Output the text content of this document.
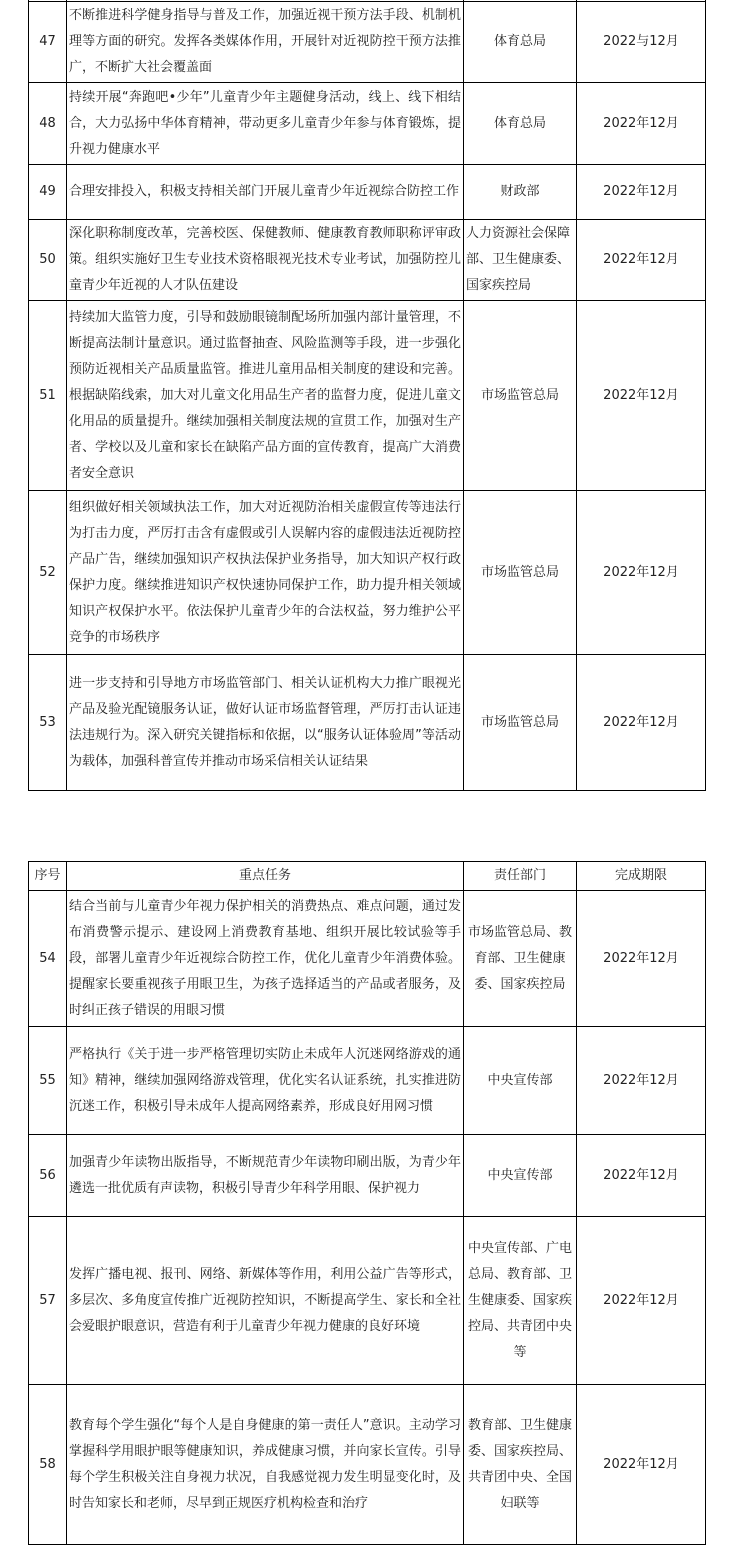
47	不断推进科学健身指导与普及工作，加强近视干预方法手段、机制机理等方面的研究。发挥各类媒体作用，开展针对近视防控干预方法推广，不断扩大社会覆盖面	体育总局	2022与12月
48	持续开展“奔跑吧•少年”儿童青少年主题健身活动，线上、线下相结合，大力弘扬中华体育精神，带动更多儿童青少年参与体育锻炼，提升视力健康水平	体育总局	2022年12月
49	合理安排投入，积极支持相关部门开展儿童青少年近视综合防控工作	财政部	2022年12月
50	深化职称制度改革，完善校医、保健教师、健康教育教师职称评审政策。组织实施好卫生专业技术资格眼视光技术专业考试，加强防控儿童青少年近视的人才队伍建设	人力资源社会保障部、卫生健康委、国家疾控局	2022年12月
51	持续加大监管力度，引导和鼓励眼镜制配场所加强内部计量管理，不断提高法制计量意识。通过监督抽查、风险监测等手段，进一步强化预防近视相关产品质量监管。推进儿童用品相关制度的建设和完善。根据缺陷线索，加大对儿童文化用品生产者的监督力度，促进儿童文化用品的质量提升。继续加强相关制度法规的宣贯工作，加强对生产者、学校以及儿童和家长在缺陷产品方面的宣传教育，提高广大消费者安全意识	市场监管总局	2022年12月
52	组织做好相关领域执法工作，加大对近视防治相关虚假宣传等违法行为打击力度，严厉打击含有虚假或引人误解内容的虚假违法近视防控产品广告，继续加强知识产权执法保护业务指导，加大知识产权行政保护力度。继续推进知识产权快速协同保护工作，助力提升相关领域知识产权保护水平。依法保护儿童青少年的合法权益，努力维护公平竞争的市场秩序	市场监管总局	2022年12月
53	进一步支持和引导地方市场监管部门、相关认证机构大力推广眼视光产品及验光配镜服务认证，做好认证市场监督管理，严厉打击认证违法违规行为。深入研究关键指标和依据，以“服务认证体验周”等活动为载体，加强科普宣传并推动市场采信相关认证结果	市场监管总局	2022年12月
序号	重点任务	责任部门	完成期限
54	结合当前与儿童青少年视力保护相关的消费热点、难点问题，通过发布消费警示提示、建设网上消费教育基地、组织开展比较试验等手段，部署儿童青少年近视综合防控工作，优化儿童青少年消费体验。提醒家长要重视孩子用眼卫生，为孩子选择适当的产品或者服务，及时纠正孩子错误的用眼习惯	市场监管总局、教育部、卫生健康委、国家疾控局	2022年12月
55	严格执行《关于进一步严格管理切实防止未成年人沉迷网络游戏的通知》精神，继续加强网络游戏管理，优化实名认证系统，扎实推进防沉迷工作，积极引导未成年人提高网络素养，形成良好用网习惯	中央宣传部	2022年12月
56	加强青少年读物出版指导，不断规范青少年读物印刷出版，为青少年遴选一批优质有声读物，积极引导青少年科学用眼、保护视力	中央宣传部	2022年12月
57	发挥广播电视、报刊、网络、新媒体等作用，利用公益广告等形式，多层次、多角度宣传推广近视防控知识，不断提高学生、家长和全社会爱眼护眼意识，营造有利于儿童青少年视力健康的良好环境	中央宣传部、广电总局、教育部、卫生健康委、国家疾控局、共青团中央等	2022年12月
58	教育每个学生强化“每个人是自身健康的第一责任人”意识。主动学习掌握科学用眼护眼等健康知识，养成健康习惯，并向家长宣传。引导每个学生积极关注自身视力状况，自我感觉视力发生明显变化时，及时告知家长和老师，尽早到正规医疗机构检查和治疗	教育部、卫生健康委、国家疾控局、共青团中央、全国妇联等	2022年12月
